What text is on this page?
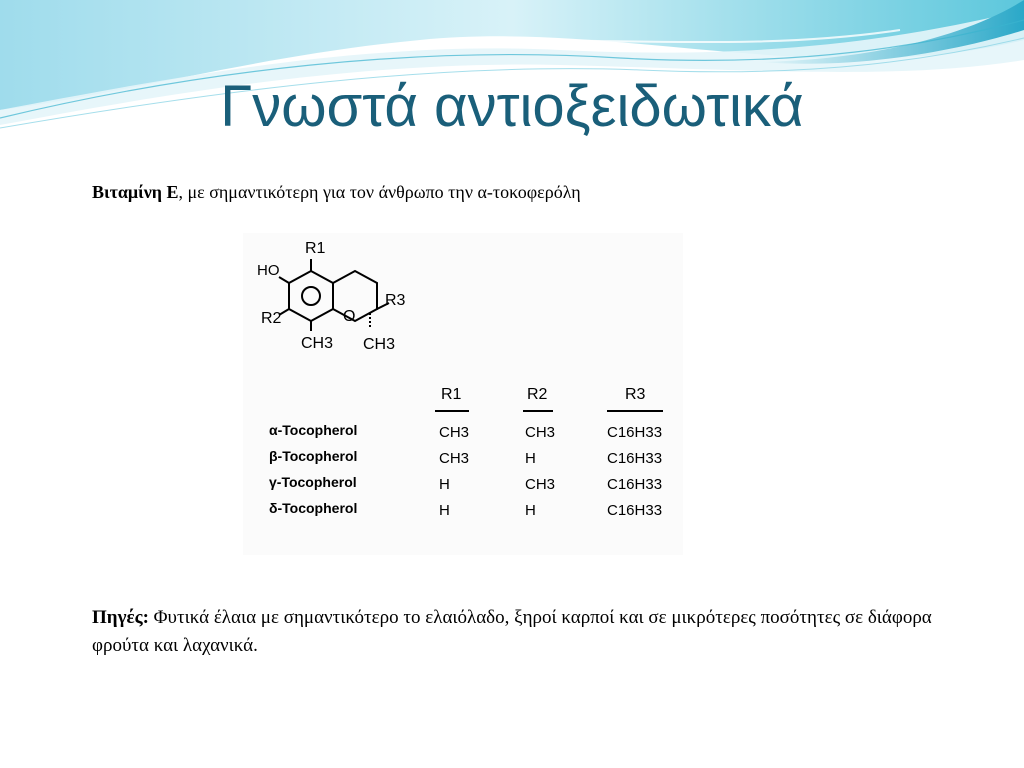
Γνωστά αντιοξειδωτικά
Βιταμίνη Ε, με σημαντικότερη για τον άνθρωπο την α-τοκοφερόλη
R1
HO
R2	O
R3
CH3 CH3
R1	R2	R3
α-Tocopherol	CH3	CH3	C16H33
β-Tocopherol	CH3	H	C16H33
γ-Tocopherol	H	CH3	C16H33
δ-Tocopherol	H	H	C16H33
Πηγές: Φυτικά έλαια με σημαντικότερο το ελαιόλαδο, ξηροί καρποί και σε μικρότερες ποσότητες σε διάφορα φρούτα και λαχανικά.
